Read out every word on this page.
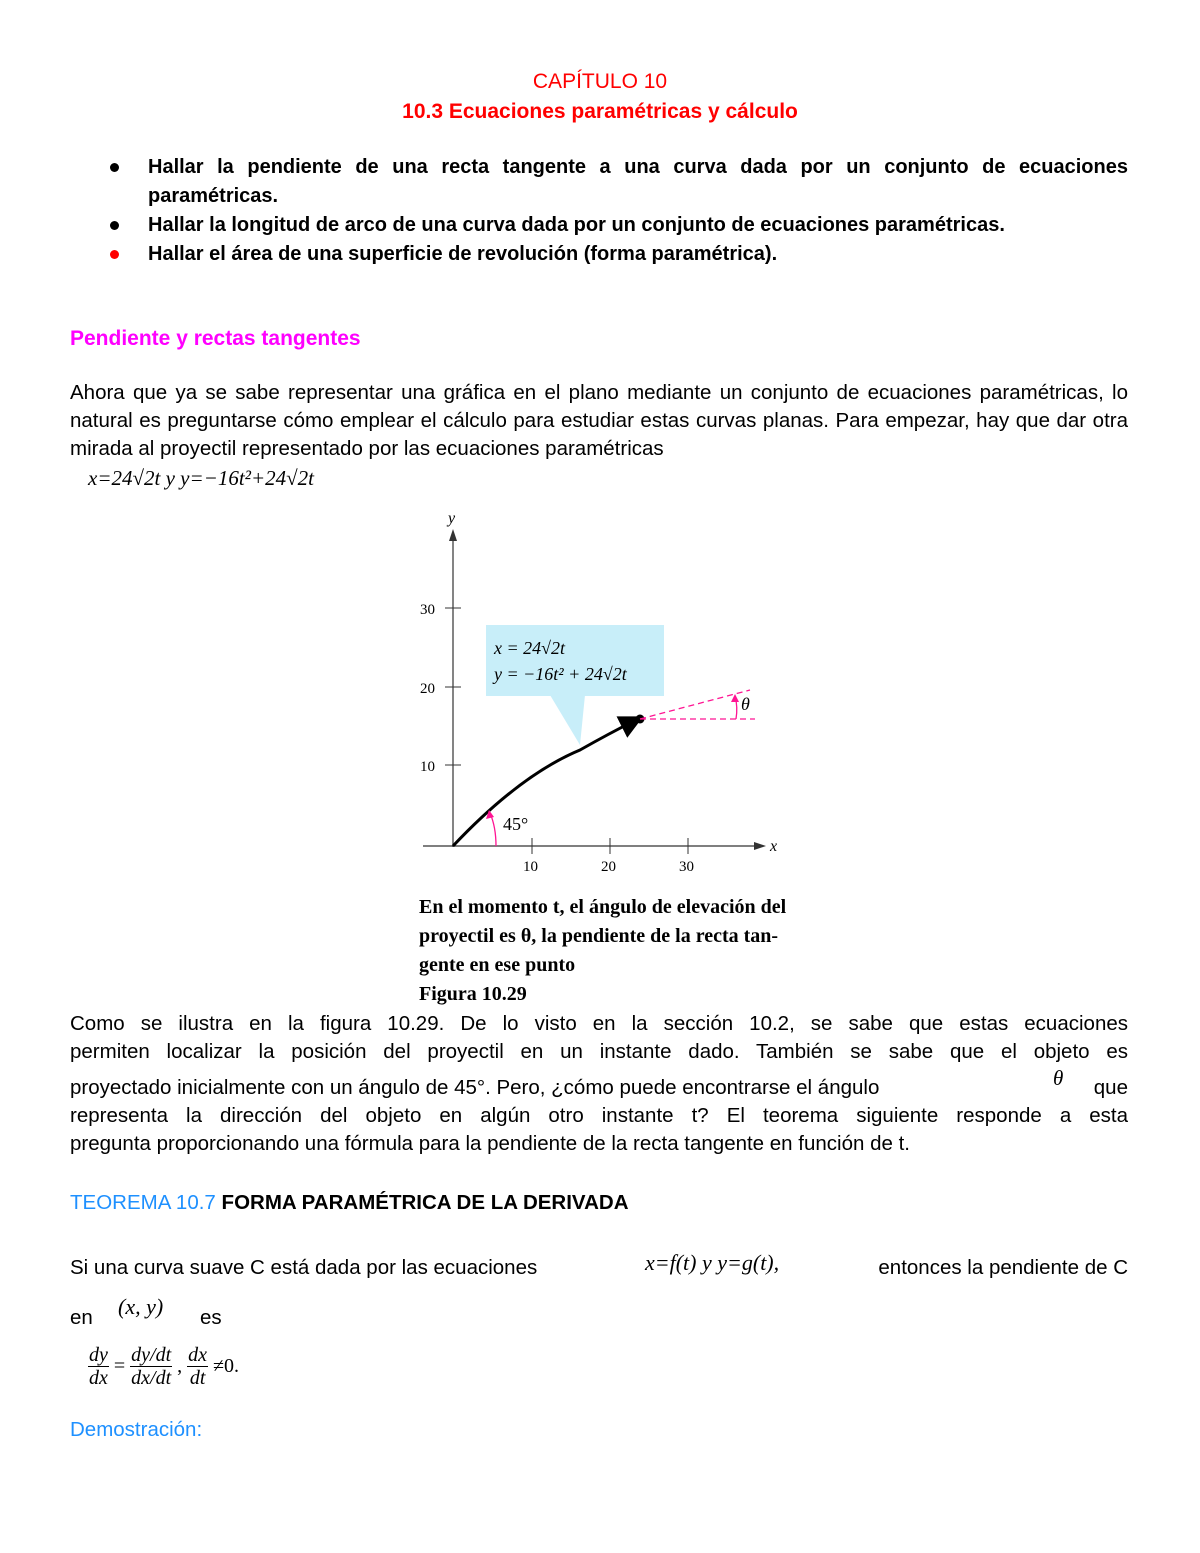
CAPÍTULO 10
10.3 Ecuaciones paramétricas y cálculo
Hallar la pendiente de una recta tangente a una curva dada por un conjunto de ecuaciones paramétricas.
Hallar la longitud de arco de una curva dada por un conjunto de ecuaciones paramétricas.
Hallar el área de una superficie de revolución (forma paramétrica).
Pendiente y rectas tangentes
Ahora que ya se sabe representar una gráfica en el plano mediante un conjunto de ecuaciones paramétricas, lo natural es preguntarse cómo emplear el cálculo para estudiar estas curvas planas. Para empezar, hay que dar otra mirada al proyectil representado por las ecuaciones paramétricas
x=24√2t y y=−16t²+24√2t
y
x
30
20
10
10	20	30
x = 24√2t
y = −16t² + 24√2t
θ
45°
En el momento t, el ángulo de elevación del
proyectil es θ, la pendiente de la recta tan-
gente en ese punto
Figura 10.29
Como se ilustra en la figura 10.29. De lo visto en la sección 10.2, se sabe que estas ecuaciones
permiten localizar la posición del proyectil en un instante dado. También se sabe que el objeto es
proyectado inicialmente con un ángulo de 45°. Pero, ¿cómo puede encontrarse el ángulo	que
representa la dirección del objeto en algún otro instante t? El teorema siguiente responde a esta
pregunta proporcionando una fórmula para la pendiente de la recta tangente en función de t.
θ
TEOREMA 10.7 FORMA PARAMÉTRICA DE LA DERIVADA
Si una curva suave C está dada por las ecuaciones	entonces la pendiente de C
x=f(t) y y=g(t),
en (x, y) es
$\frac{dy}{dx} = \frac{dy/dt}{dx/dt}$ , $\frac{dx}{dt} \ne 0$.
Demostración:
